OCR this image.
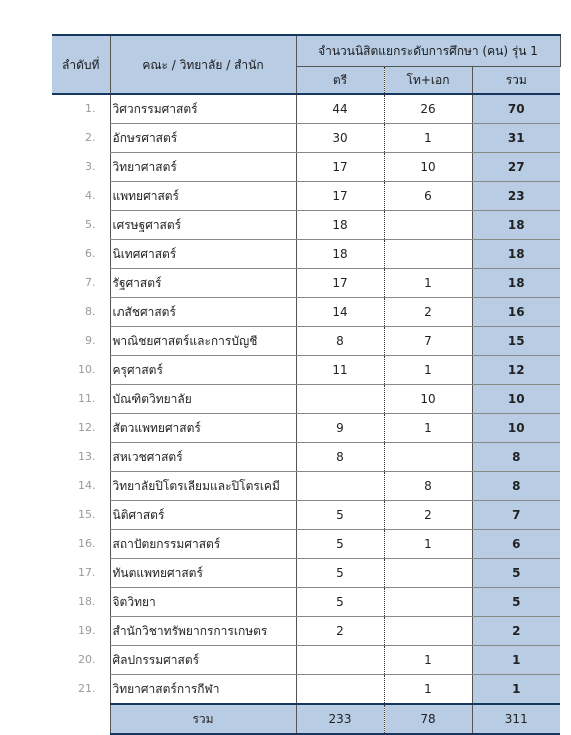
ลำดับที่	คณะ / วิทยาลัย / สำนัก	จำนวนนิสิตแยกระดับการศึกษา (คน) รุ่น 1		
		ตรี	โท+เอก	รวม
1.	วิศวกรรมศาสตร์	44	26	70
2.	อักษรศาสตร์	30	1	31
3.	วิทยาศาสตร์	17	10	27
4.	แพทยศาสตร์	17	6	23
5.	เศรษฐศาสตร์	18		18
6.	นิเทศศาสตร์	18		18
7.	รัฐศาสตร์	17	1	18
8.	เภสัชศาสตร์	14	2	16
9.	พาณิชยศาสตร์และการบัญชี	8	7	15
10.	ครุศาสตร์	11	1	12
11.	บัณฑิตวิทยาลัย		10	10
12.	สัตวแพทยศาสตร์	9	1	10
13.	สหเวชศาสตร์	8		8
14.	วิทยาลัยปิโตรเลียมและปิโตรเคมี		8	8
15.	นิติศาสตร์	5	2	7
16.	สถาปัตยกรรมศาสตร์	5	1	6
17.	ทันตแพทยศาสตร์	5		5
18.	จิตวิทยา	5		5
19.	สำนักวิชาทรัพยากรการเกษตร	2		2
20.	ศิลปกรรมศาสตร์		1	1
21.	วิทยาศาสตร์การกีฬา		1	1
	รวม	233	78	311
